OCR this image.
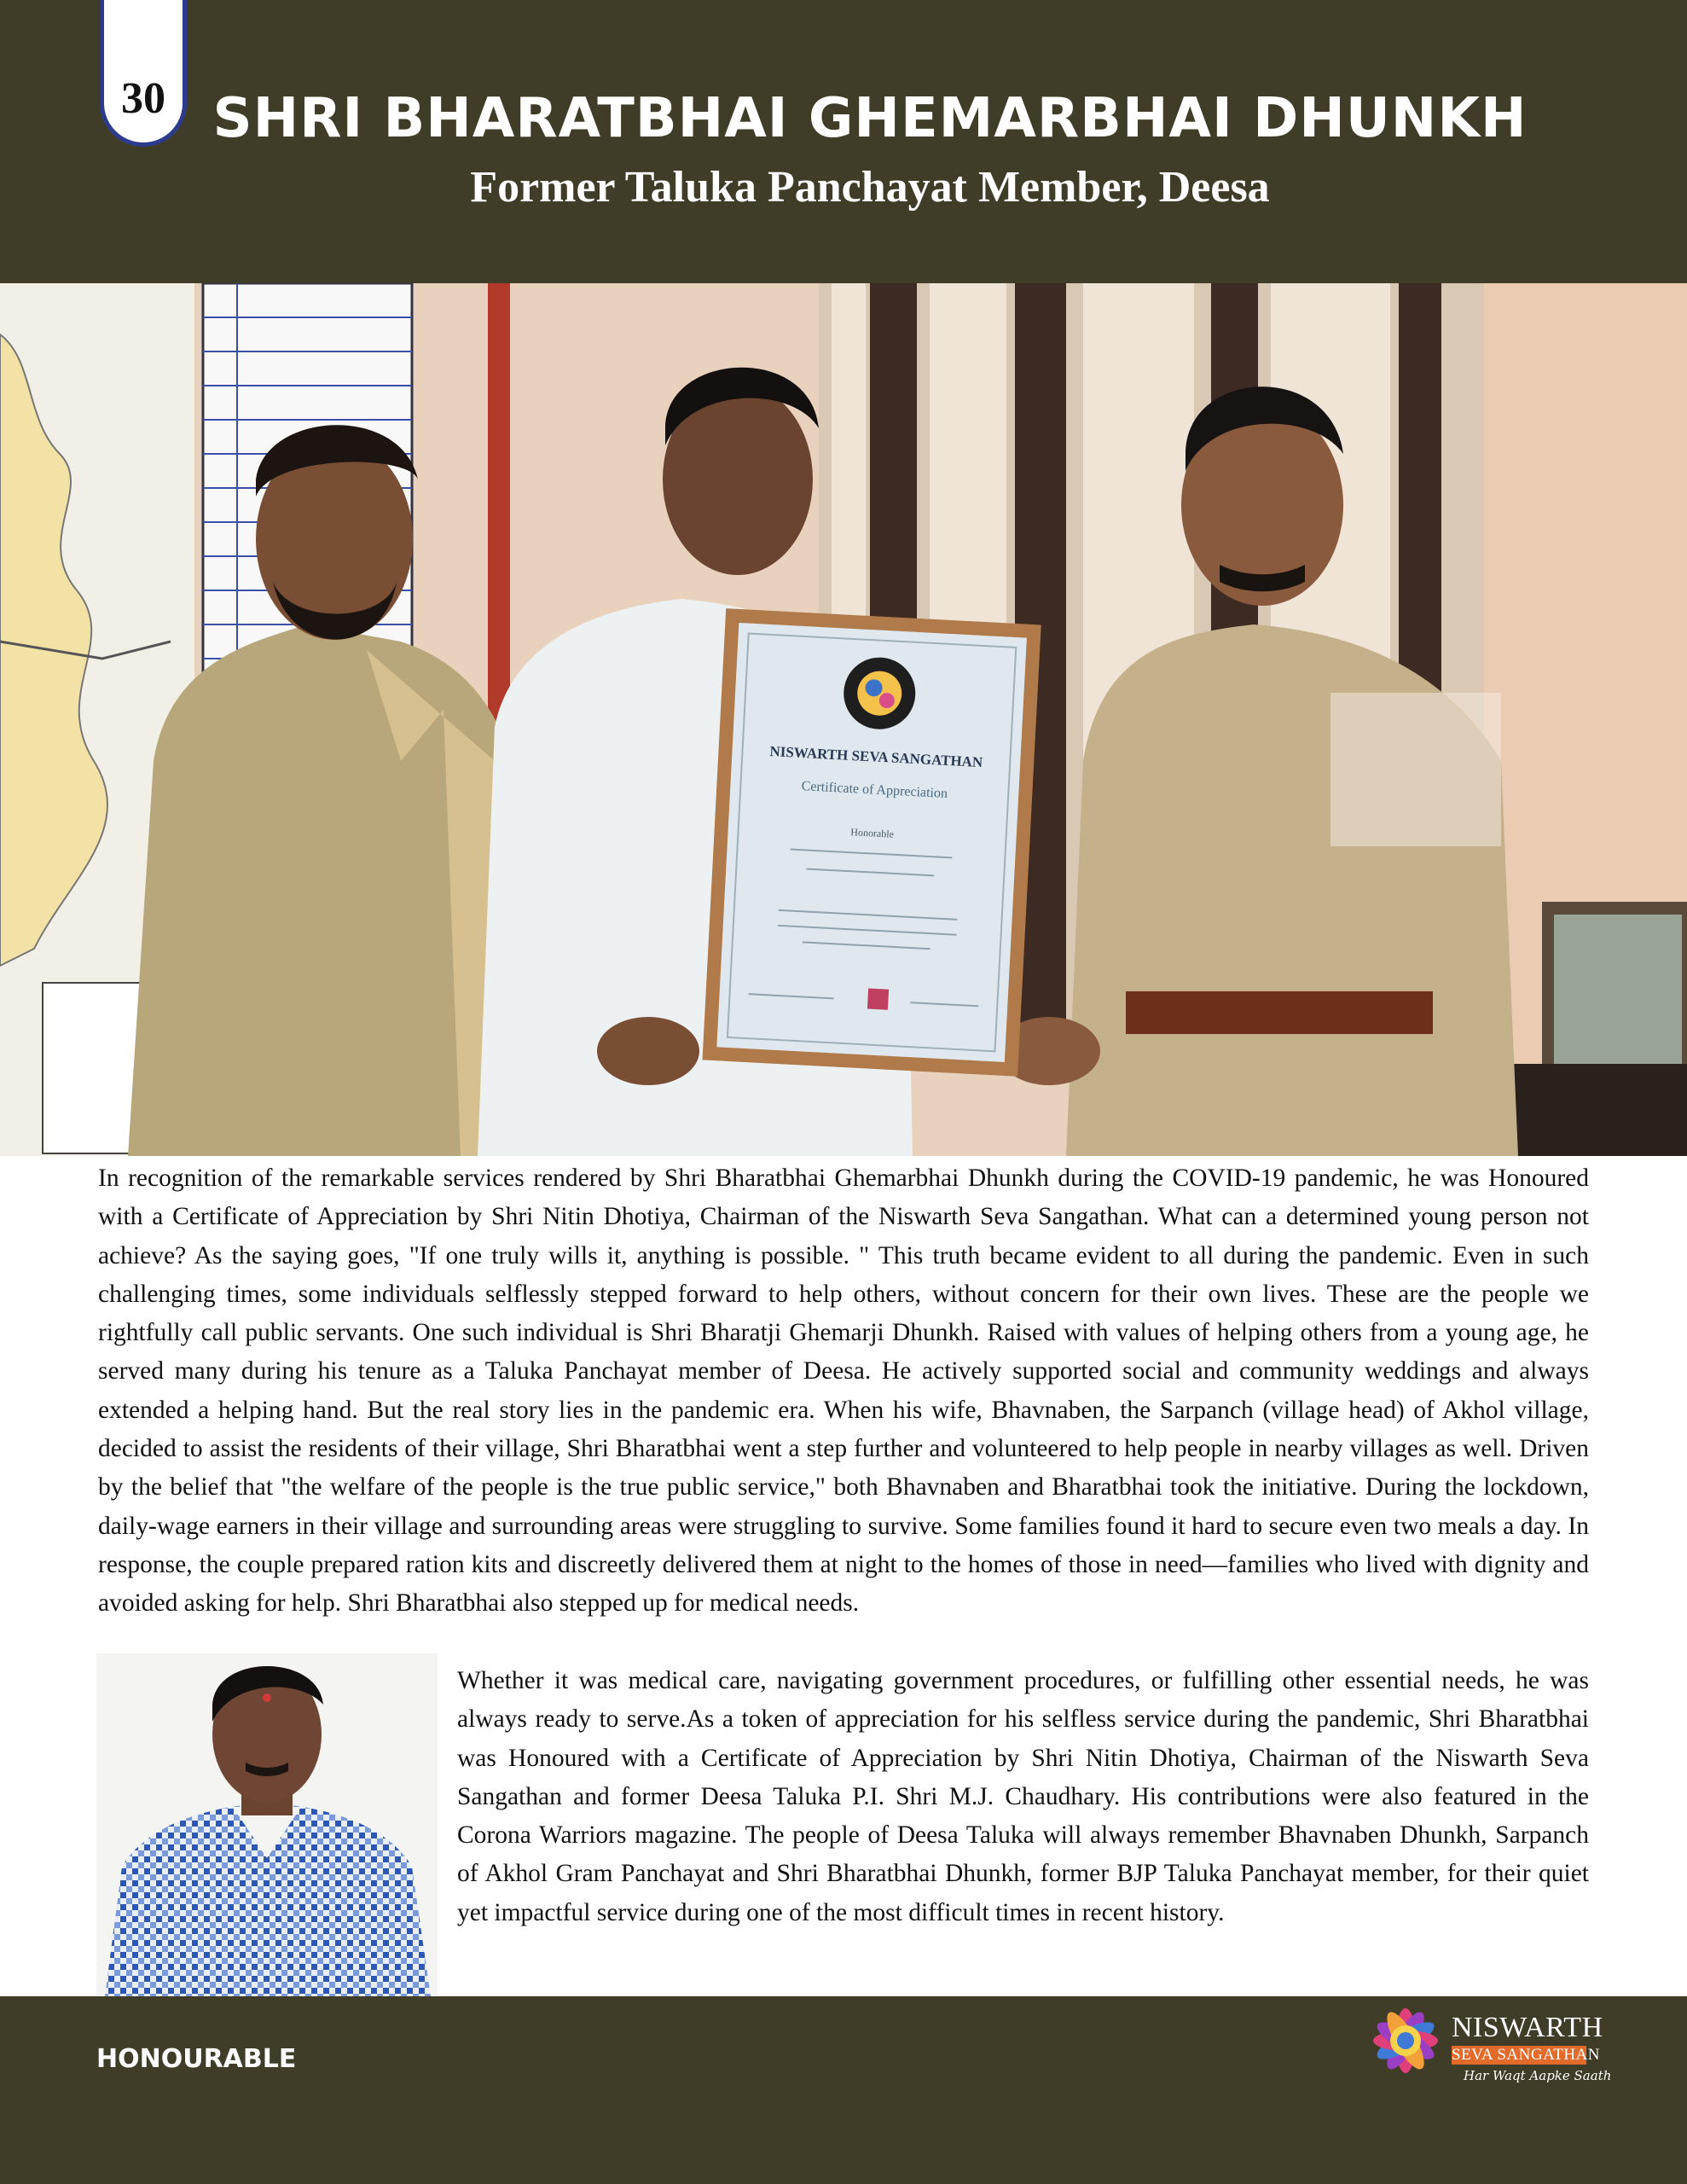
30 SHRI BHARATBHAI GHEMARBHAI DHUNKH
Former Taluka Panchayat Member, Deesa
NISWARTH SEVA SANGATHAN
Certificate of Appreciation
Honorable

In recognition of the remarkable services rendered by Shri Bharatbhai Ghemarbhai Dhunkh during the COVID-19 pandemic, he was Honoured with a Certificate of Appreciation by Shri Nitin Dhotiya, Chairman of the Niswarth Seva Sangathan. What can a determined young person not achieve? As the saying goes, "If one truly wills it, anything is possible. " This truth became evident to all during the pandemic. Even in such challenging times, some individuals selflessly stepped forward to help others, without concern for their own lives. These are the people we rightfully call public servants. One such individual is Shri Bharatji Ghemarji Dhunkh. Raised with values of helping others from a young age, he served many during his tenure as a Taluka Panchayat member of Deesa. He actively supported social and community weddings and always extended a helping hand. But the real story lies in the pandemic era. When his wife, Bhavnaben, the Sarpanch (village head) of Akhol village, decided to assist the residents of their village, Shri Bharatbhai went a step further and volunteered to help people in nearby villages as well. Driven by the belief that "the welfare of the people is the true public service," both Bhavnaben and Bharatbhai took the initiative. During the lockdown, daily-wage earners in their village and surrounding areas were struggling to survive. Some families found it hard to secure even two meals a day. In response, the couple prepared ration kits and discreetly delivered them at night to the homes of those in need—families who lived with dignity and avoided asking for help. Shri Bharatbhai also stepped up for medical needs.

Whether it was medical care, navigating government procedures, or fulfilling other essential needs, he was always ready to serve.As a token of appreciation for his selfless service during the pandemic, Shri Bharatbhai was Honoured with a Certificate of Appreciation by Shri Nitin Dhotiya, Chairman of the Niswarth Seva Sangathan and former Deesa Taluka P.I. Shri M.J. Chaudhary. His contributions were also featured in the Corona Warriors magazine. The people of Deesa Taluka will always remember Bhavnaben Dhunkh, Sarpanch of Akhol Gram Panchayat and Shri Bharatbhai Dhunkh, former BJP Taluka Panchayat member, for their quiet yet impactful service during one of the most difficult times in recent history.

HONOURABLE
NISWARTH
SEVA SANGATHAN
Har Waqt Aapke Saath
